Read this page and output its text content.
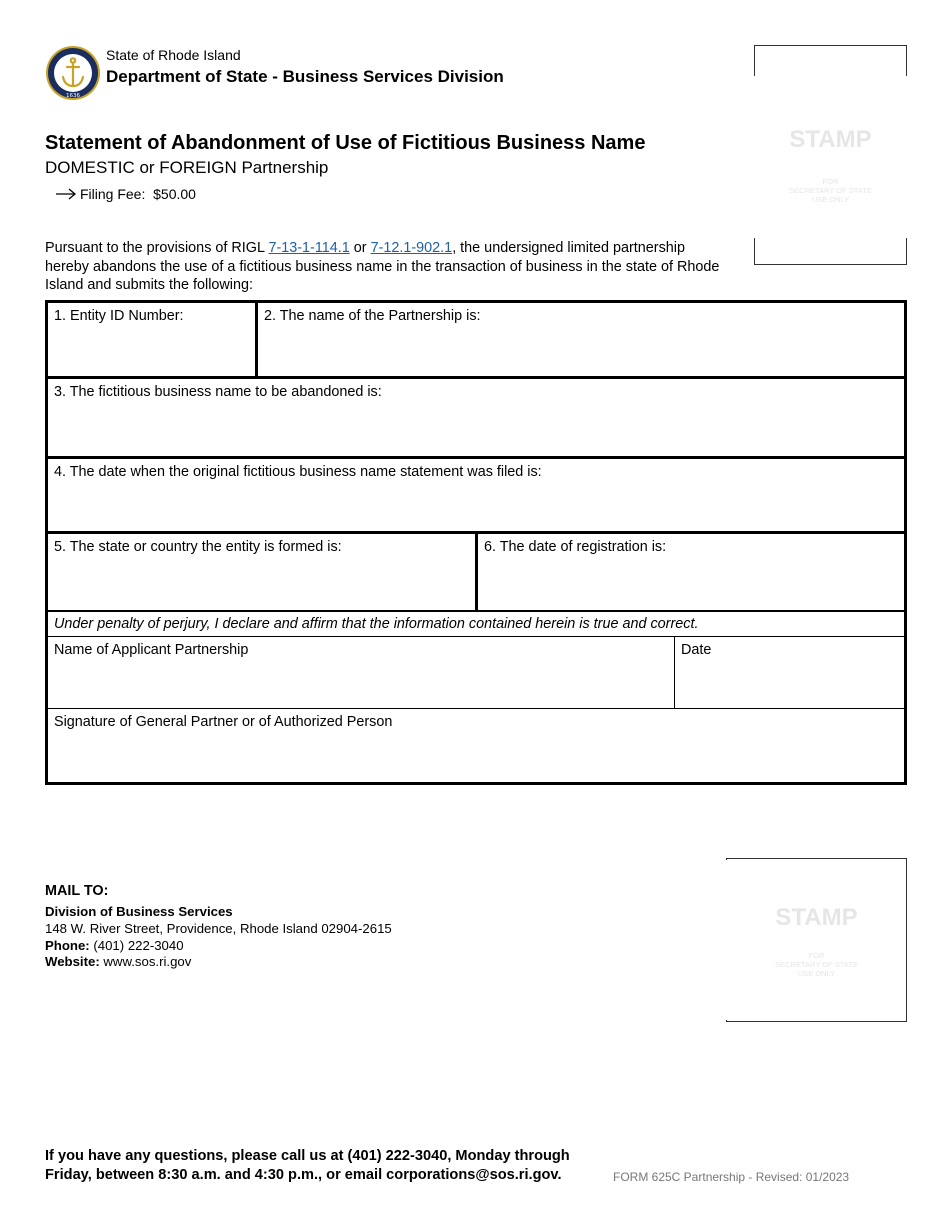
1636
State of Rhode Island
Department of State - Business Services Division
Statement of Abandonment of Use of Fictitious Business Name
DOMESTIC or FOREIGN Partnership
Filing Fee:
$50.00
STAMP
FOR
SECRETARY OF STATE
USE ONLY
Pursuant to the provisions of RIGL 7-13-1-114.1 or 7-12.1-902.1, the undersigned limited partnership hereby abandons the use of a fictitious business name in the transaction of business in the state of Rhode Island and submits the following:
1. Entity ID Number:	2. The name of the Partnership is:
3. The fictitious business name to be abandoned is:
4. The date when the original fictitious business name statement was filed is:
5. The state or country the entity is formed is:	6. The date of registration is:
Under penalty of perjury, I declare and affirm that the information contained herein is true and correct.
Name of Applicant Partnership	Date
Signature of General Partner or of Authorized Person
MAIL TO:
Division of Business Services
148 W. River Street, Providence, Rhode Island 02904-2615
Phone: (401) 222-3040
Website: www.sos.ri.gov
STAMP
FOR
SECRETARY OF STATE
USE ONLY
If you have any questions, please call us at (401) 222-3040, Monday through
Friday, between 8:30 a.m. and 4:30 p.m., or email corporations@sos.ri.gov.	FORM 625C Partnership - Revised: 01/2023
